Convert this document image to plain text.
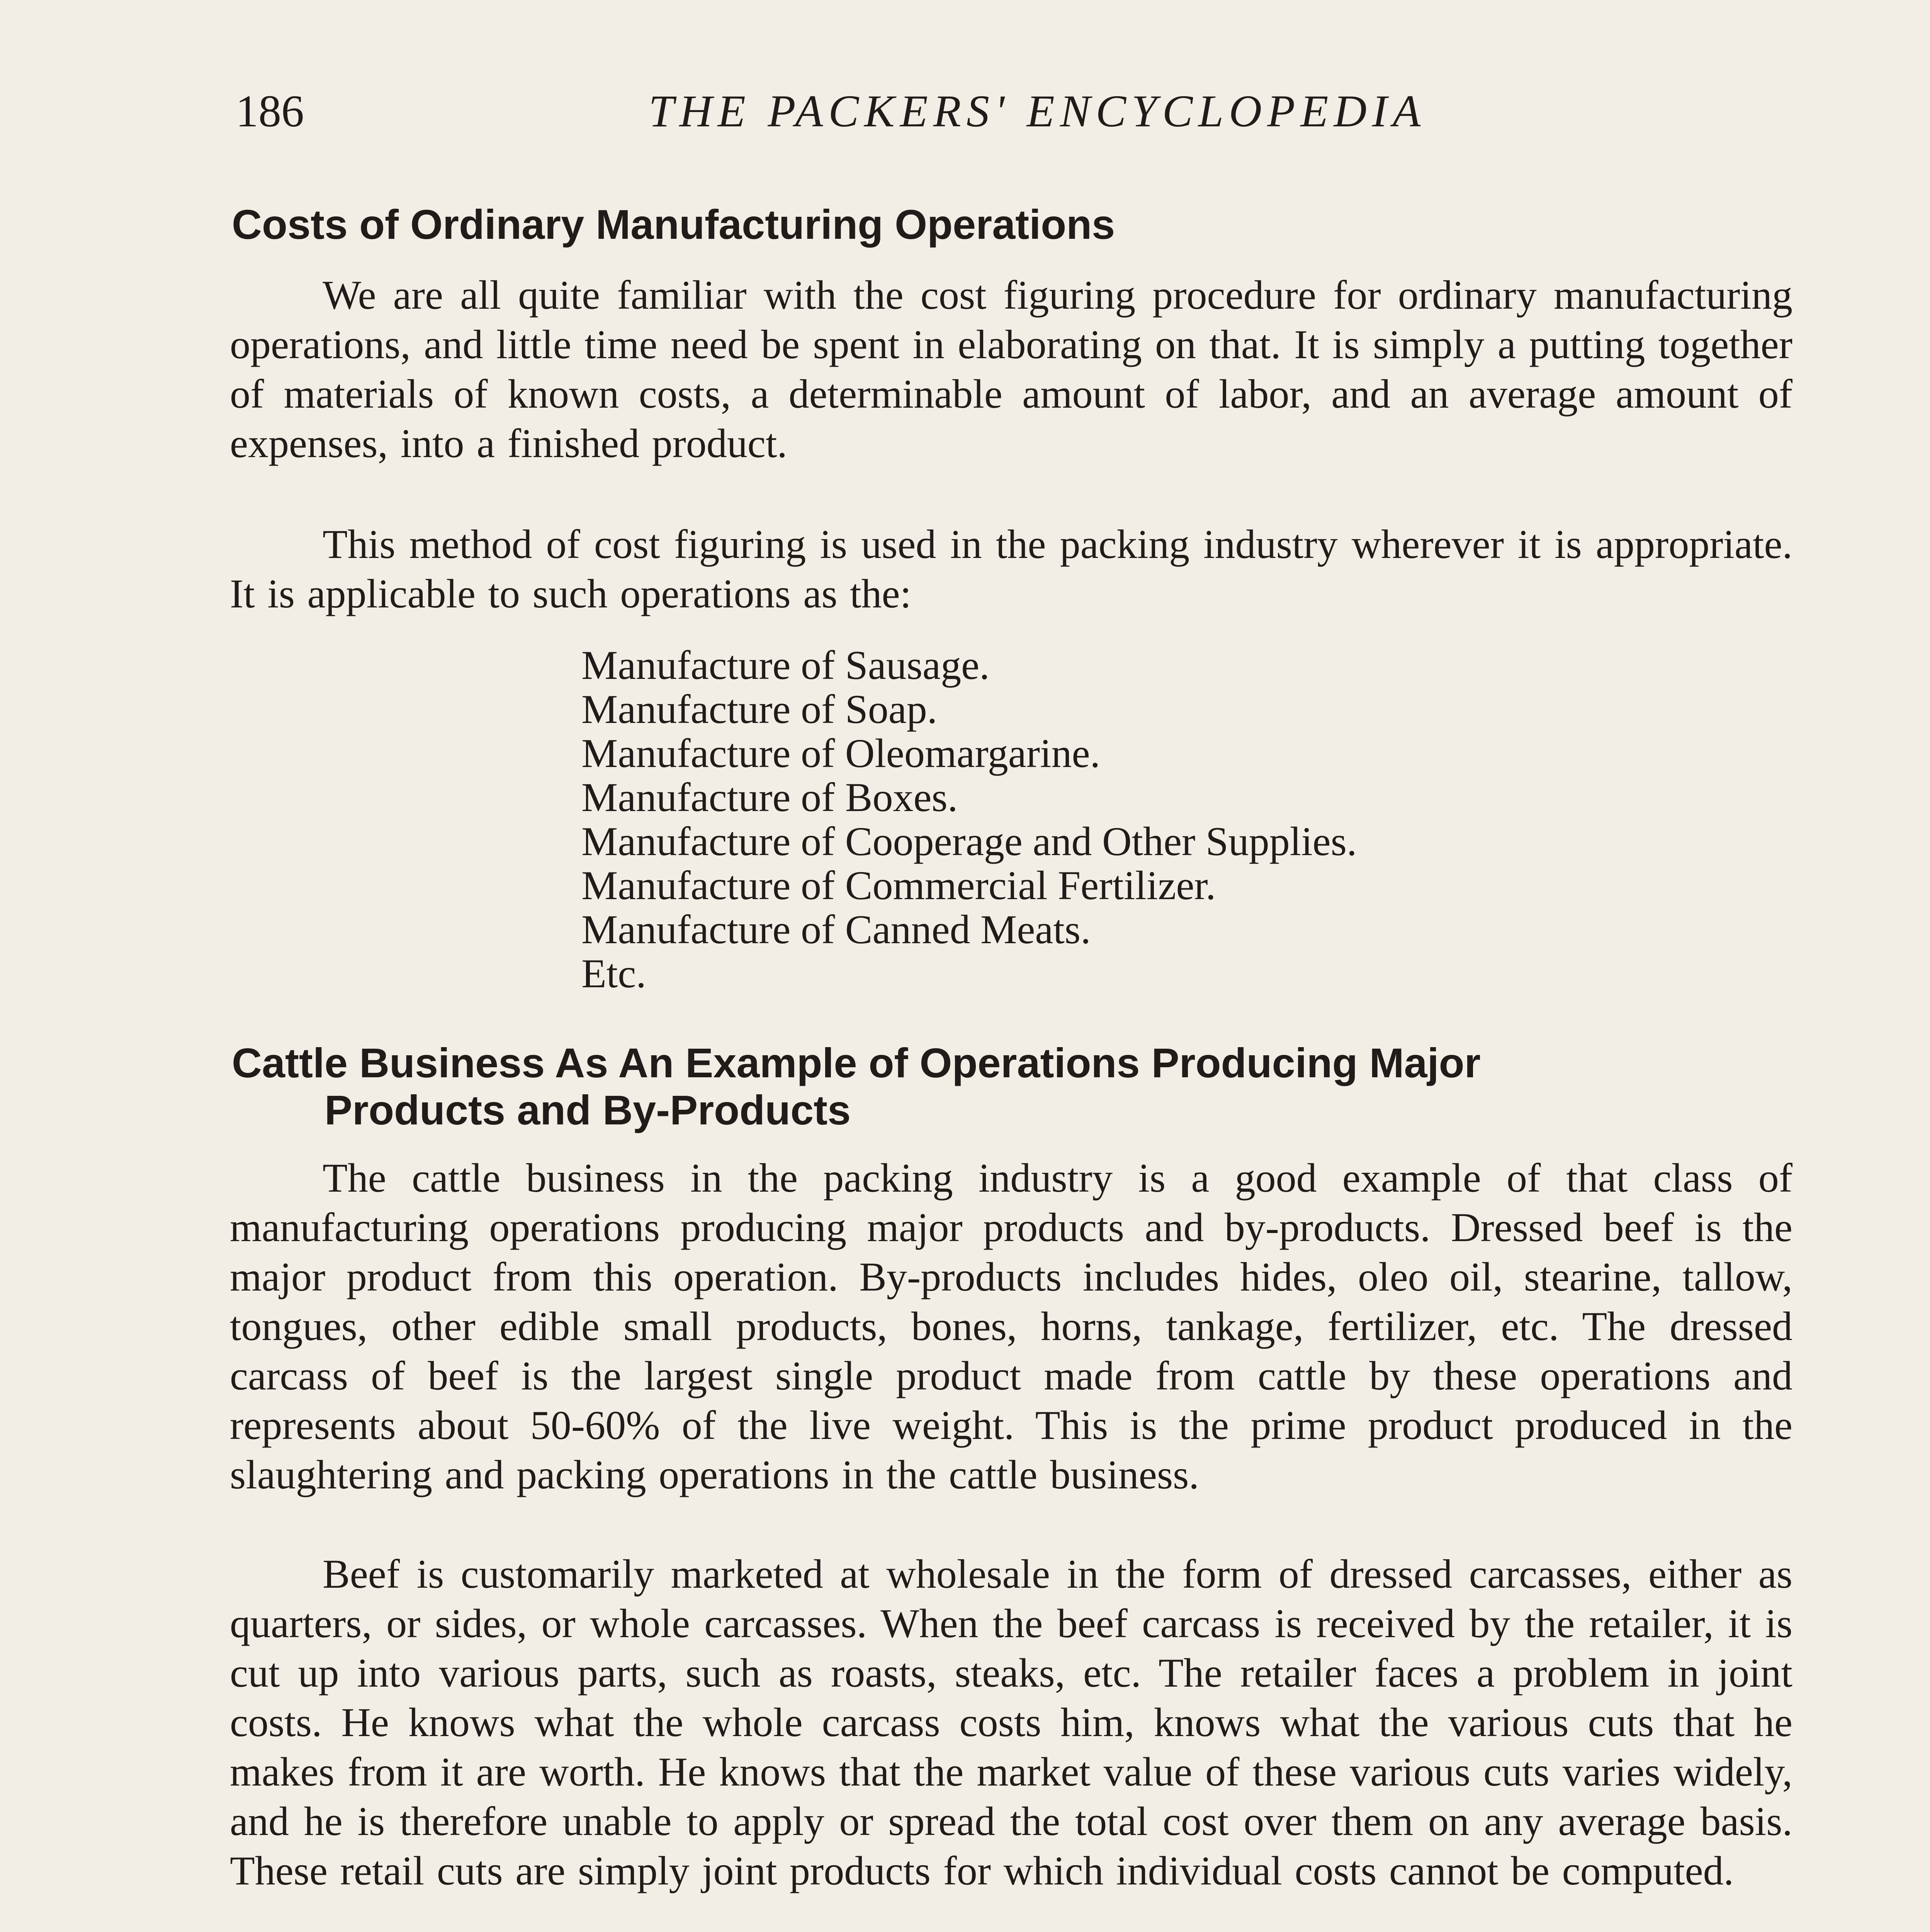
186	THE PACKERS' ENCYCLOPEDIA
Costs of Ordinary Manufacturing Operations

We are all quite familiar with the cost figuring procedure for ordinary manufacturing operations, and little time need be spent in elaborating on that. It is simply a putting together of materials of known costs, a determinable amount of labor, and an average amount of expenses, into a finished product.

This method of cost figuring is used in the packing industry wherever it is appropriate. It is applicable to such operations as the:

Manufacture of Sausage.
Manufacture of Soap.
Manufacture of Oleomargarine.
Manufacture of Boxes.
Manufacture of Cooperage and Other Supplies.
Manufacture of Commercial Fertilizer.
Manufacture of Canned Meats.
Etc.
Cattle Business As An Example of Operations Producing Major
Products and By-Products

The cattle business in the packing industry is a good example of that class of manufacturing operations producing major products and by-products. Dressed beef is the major product from this operation. By-products includes hides, oleo oil, stearine, tallow, tongues, other edible small products, bones, horns, tankage, fertilizer, etc. The dressed carcass of beef is the largest single product made from cattle by these operations and represents about 50-60% of the live weight. This is the prime product produced in the slaughtering and packing operations in the cattle business.

Beef is customarily marketed at wholesale in the form of dressed carcasses, either as quarters, or sides, or whole carcasses. When the beef carcass is received by the retailer, it is cut up into various parts, such as roasts, steaks, etc. The retailer faces a problem in joint costs. He knows what the whole carcass costs him, knows what the various cuts that he makes from it are worth. He knows that the market value of these various cuts varies widely, and he is therefore unable to apply or spread the total cost over them on any average basis. These retail cuts are simply joint products for which individual costs cannot be computed.
